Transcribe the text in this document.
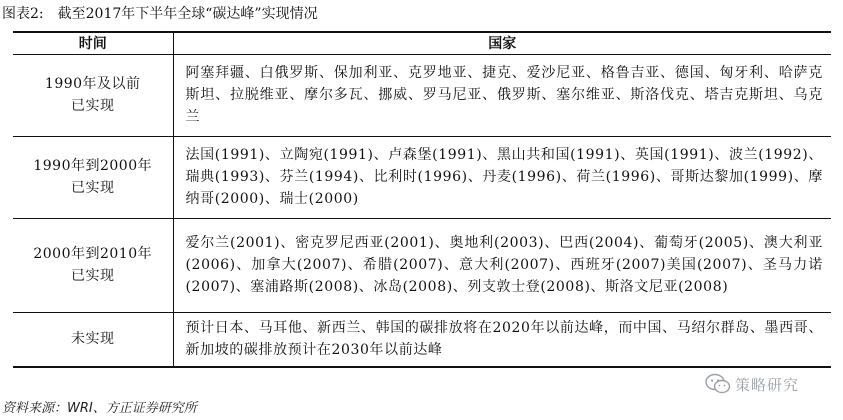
图表2: 截至2017年下半年全球“碳达峰”实现情况
时间	国家
1990年及以前
已实现	阿塞拜疆、白俄罗斯、保加利亚、克罗地亚、捷克、爱沙尼亚、格鲁吉亚、德国、匈牙利、哈萨克斯坦、拉脱维亚、摩尔多瓦、挪威、罗马尼亚、俄罗斯、塞尔维亚、斯洛伐克、塔吉克斯坦、乌克兰
1990年到2000年
已实现	法国(1991)、立陶宛(1991)、卢森堡(1991)、黑山共和国(1991)、英国(1991)、波兰(1992)、瑞典(1993)、芬兰(1994)、比利时(1996)、丹麦(1996)、荷兰(1996)、哥斯达黎加(1999)、摩纳哥(2000)、瑞士(2000)
2000年到2010年
已实现	爱尔兰(2001)、密克罗尼西亚(2001)、奥地利(2003)、巴西(2004)、葡萄牙(2005)、澳大利亚(2006)、加拿大(2007)、希腊(2007)、意大利(2007)、西班牙(2007)美国(2007)、圣马力诺(2007)、塞浦路斯(2008)、冰岛(2008)、列支敦士登(2008)、斯洛文尼亚(2008)
未实现	预计日本、马耳他、新西兰、韩国的碳排放将在2020年以前达峰，而中国、马绍尔群岛、墨西哥、新加坡的碳排放预计在2030年以前达峰
资料来源：WRI、方正证券研究所
策略研究
